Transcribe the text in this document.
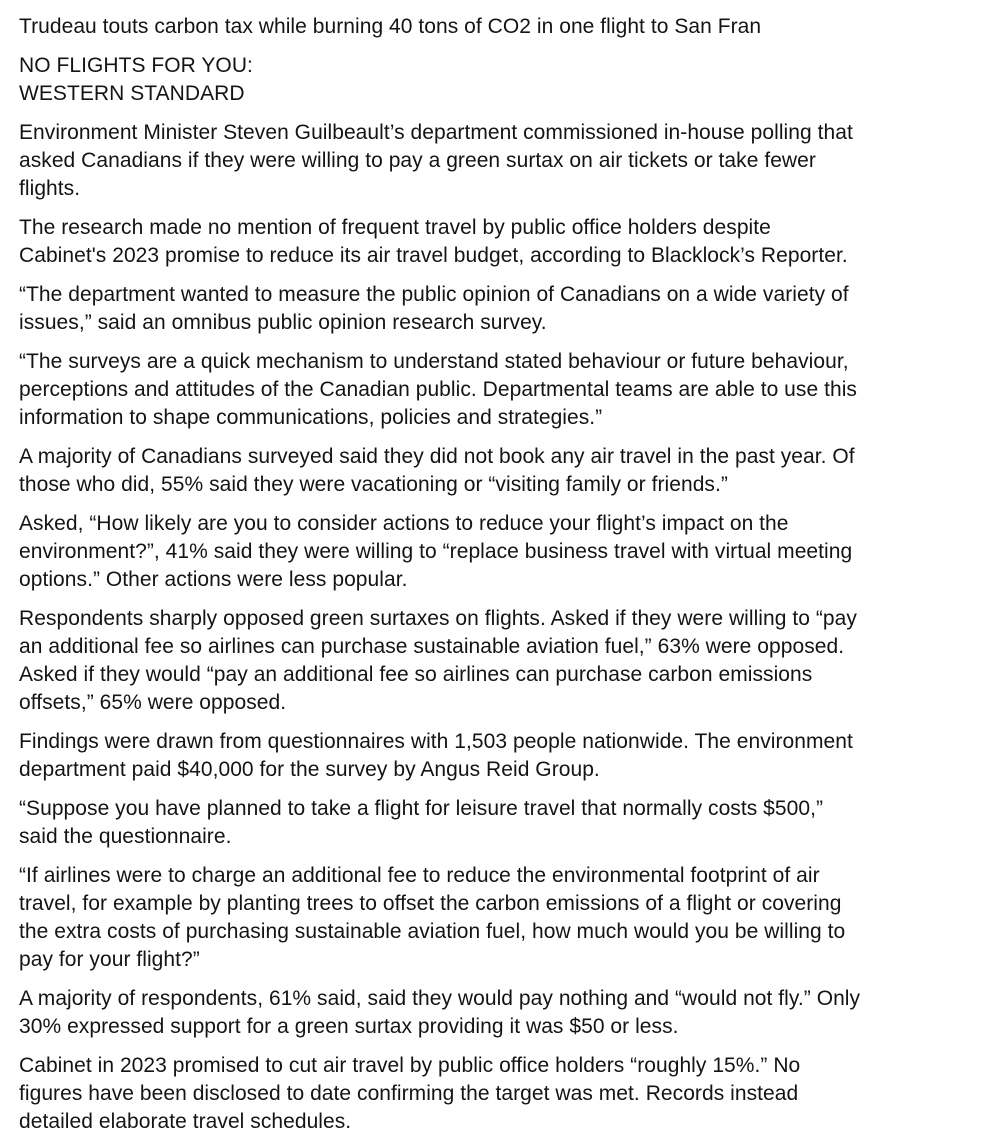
Trudeau touts carbon tax while burning 40 tons of CO2 in one flight to San Fran

NO FLIGHTS FOR YOU:

WESTERN STANDARD

Environment Minister Steven Guilbeault’s department commissioned in-house polling that

asked Canadians if they were willing to pay a green surtax on air tickets or take fewer

flights.

The research made no mention of frequent travel by public office holders despite

Cabinet's 2023 promise to reduce its air travel budget, according to Blacklock’s Reporter.

“The department wanted to measure the public opinion of Canadians on a wide variety of

issues,” said an omnibus public opinion research survey.

“The surveys are a quick mechanism to understand stated behaviour or future behaviour,

perceptions and attitudes of the Canadian public. Departmental teams are able to use this

information to shape communications, policies and strategies.”

A majority of Canadians surveyed said they did not book any air travel in the past year. Of

those who did, 55% said they were vacationing or “visiting family or friends.”

Asked, “How likely are you to consider actions to reduce your flight’s impact on the

environment?”, 41% said they were willing to “replace business travel with virtual meeting

options.” Other actions were less popular.

Respondents sharply opposed green surtaxes on flights. Asked if they were willing to “pay

an additional fee so airlines can purchase sustainable aviation fuel,” 63% were opposed.

Asked if they would “pay an additional fee so airlines can purchase carbon emissions

offsets,” 65% were opposed.

Findings were drawn from questionnaires with 1,503 people nationwide. The environment

department paid $40,000 for the survey by Angus Reid Group.

“Suppose you have planned to take a flight for leisure travel that normally costs $500,”

said the questionnaire.

“If airlines were to charge an additional fee to reduce the environmental footprint of air

travel, for example by planting trees to offset the carbon emissions of a flight or covering

the extra costs of purchasing sustainable aviation fuel, how much would you be willing to

pay for your flight?”

A majority of respondents, 61% said, said they would pay nothing and “would not fly.” Only

30% expressed support for a green surtax providing it was $50 or less.

Cabinet in 2023 promised to cut air travel by public office holders “roughly 15%.” No

figures have been disclosed to date confirming the target was met. Records instead

detailed elaborate travel schedules.
